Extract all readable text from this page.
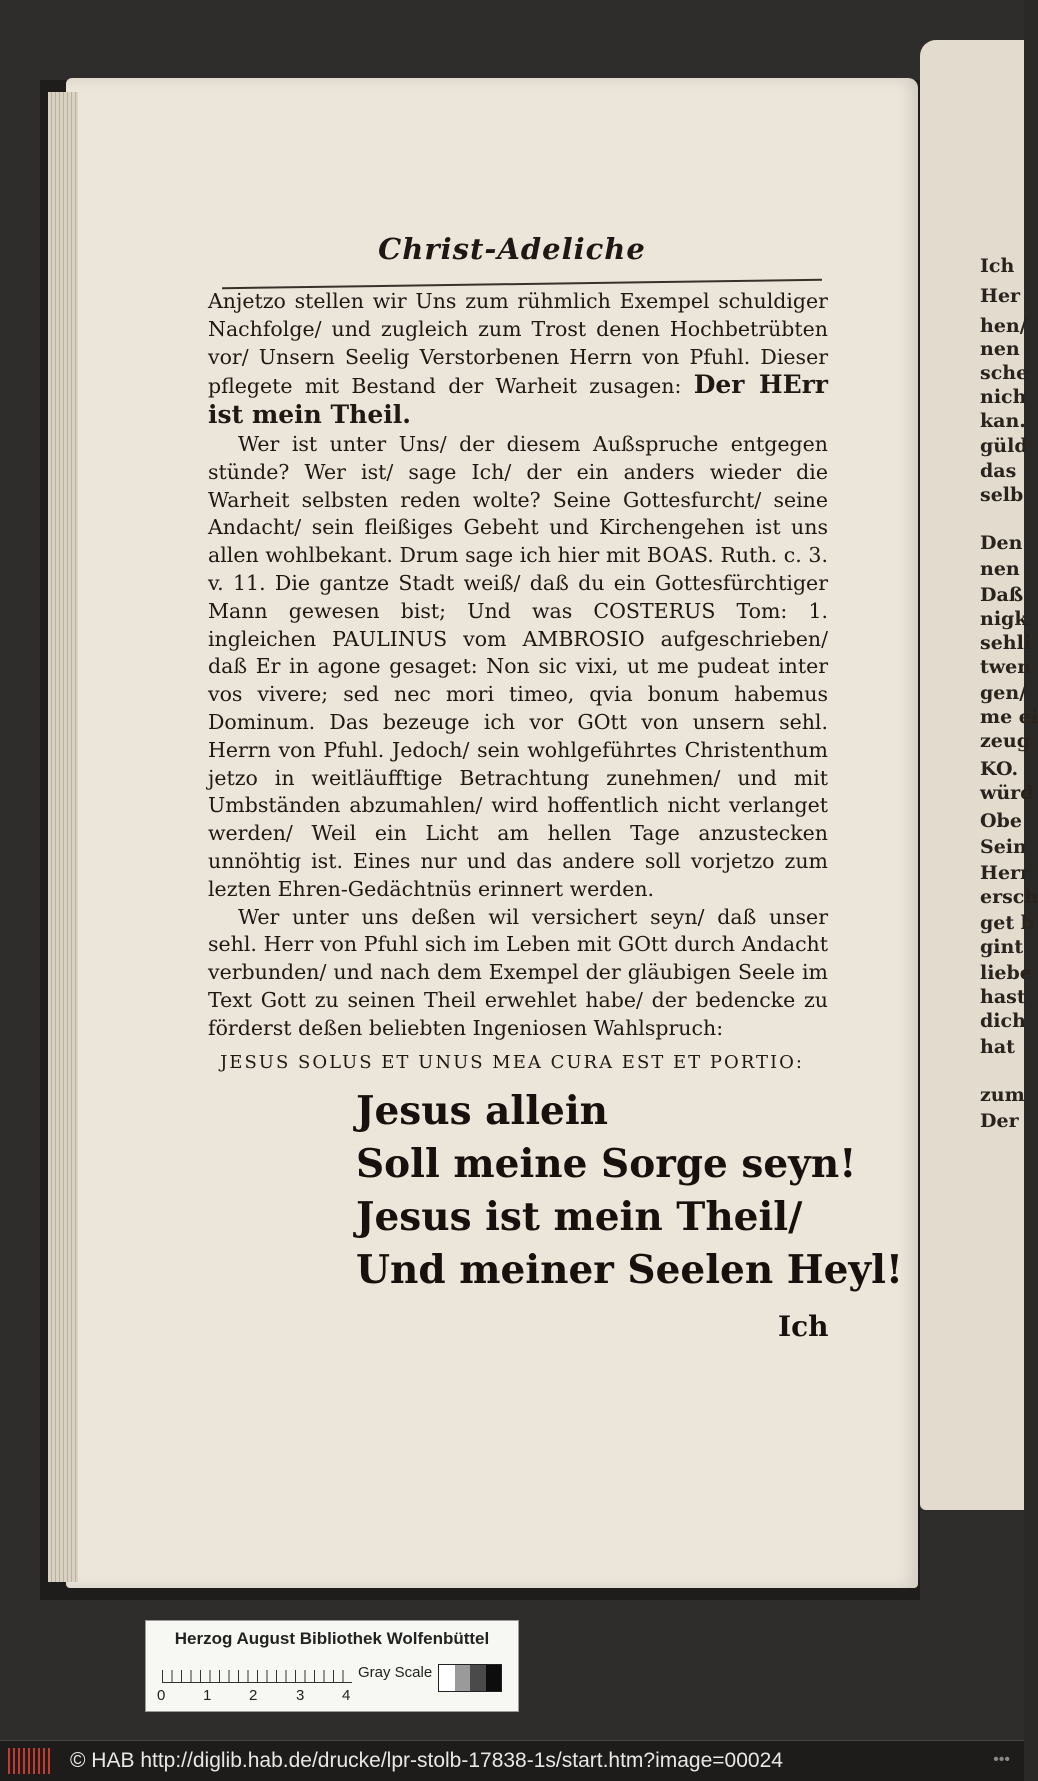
Ich
Her
hen/
nen
sche
nich
kan.
güld
das
selb
Den
nen
Daß
nigk
sehli
twen
gen/
me ei
zeug
KO.
würd
Obe
Sein
Herr
ersch
get b
gint
liebe
hast
dich
hat
zum
Der
Christ-Adeliche

Anjetzo stellen wir Uns zum rühmlich Exempel schuldiger Nachfolge/ und zugleich zum Trost denen Hochbetrübten vor/ Unsern Seelig Verstorbenen Herrn von Pfuhl. Dieser pflegete mit Bestand der Warheit zusagen: Der HErr ist mein Theil.

Wer ist unter Uns/ der diesem Außspruche entgegen stünde? Wer ist/ sage Ich/ der ein anders wieder die Warheit selbsten reden wolte? Seine Gottesfurcht/ seine Andacht/ sein fleißiges Gebeht und Kirchengehen ist uns allen wohlbekant. Drum sage ich hier mit BOAS. Ruth. c. 3. v. 11. Die gantze Stadt weiß/ daß du ein Gottesfürchtiger Mann gewesen bist; Und was COSTERUS Tom: 1. ingleichen PAULINUS vom AMBROSIO aufgeschrieben/ daß Er in agone gesaget: Non sic vixi, ut me pudeat inter vos vivere; sed nec mori timeo, qvia bonum habemus Dominum. Das bezeuge ich vor GOtt von unsern sehl. Herrn von Pfuhl. Jedoch/ sein wohlgeführtes Christenthum jetzo in weitläufftige Betrachtung zunehmen/ und mit Umbständen abzumahlen/ wird hoffentlich nicht verlanget werden/ Weil ein Licht am hellen Tage anzustecken unnöhtig ist. Eines nur und das andere soll vorjetzo zum lezten Ehren-Gedächtnüs erinnert werden.

Wer unter uns deßen wil versichert seyn/ daß unser sehl. Herr von Pfuhl sich im Leben mit GOtt durch Andacht verbunden/ und nach dem Exempel der gläubigen Seele im Text Gott zu seinen Theil erwehlet habe/ der bedencke zu förderst deßen beliebten Ingeniosen Wahlspruch:

JESUS SOLUS ET UNUS MEA CURA EST ET PORTIO:
Jesus allein
Soll meine Sorge seyn!
Jesus ist mein Theil/
Und meiner Seelen Heyl!
Ich
Herzog August Bibliothek Wolfenbüttel
0	1	2	3	4
Gray Scale
© HAB http://diglib.hab.de/drucke/lpr-stolb-17838-1s/start.htm?image=00024	•••
